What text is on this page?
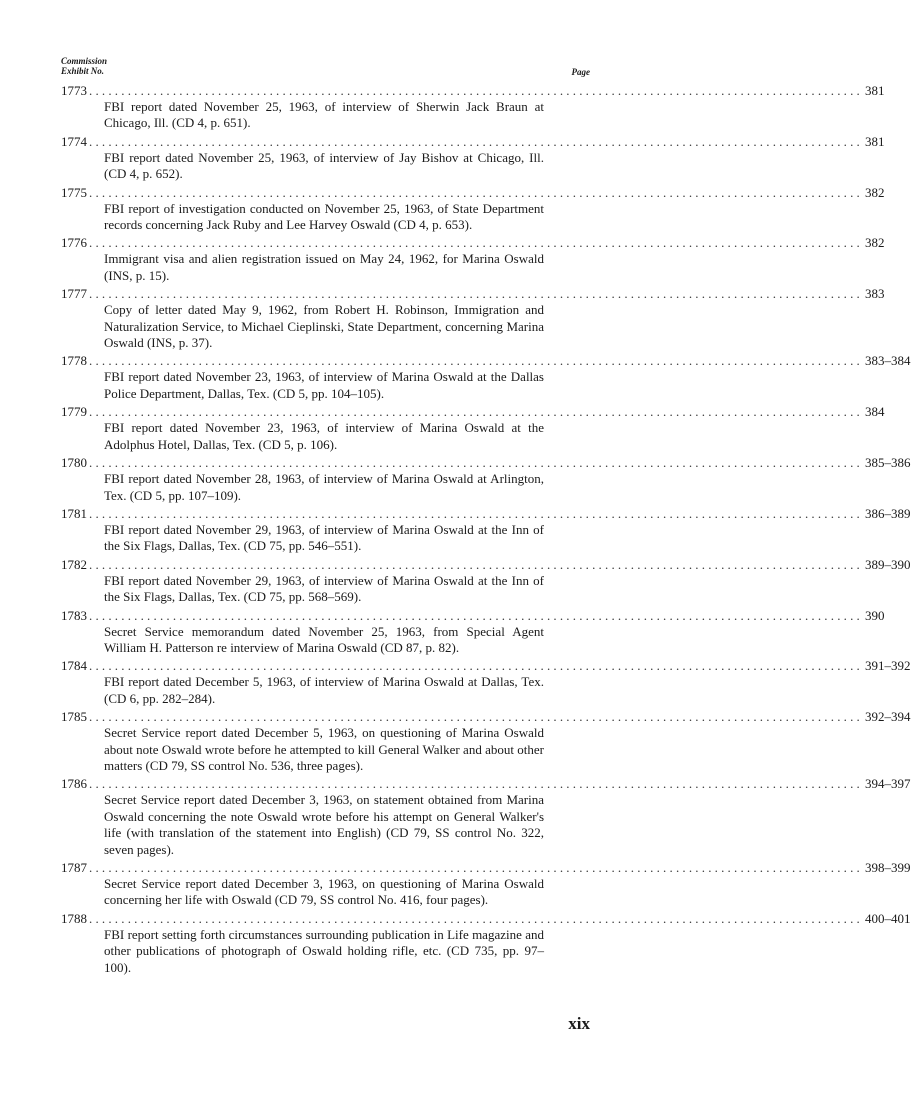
Commission
Exhibit No.	Page
1773 ........................................................................................................................ 381
FBI report dated November 25, 1963, of interview of Sherwin Jack Braun at Chicago, Ill. (CD 4, p. 651).
1774 ........................................................................................................................ 381
FBI report dated November 25, 1963, of interview of Jay Bishov at Chicago, Ill. (CD 4, p. 652).
1775 ........................................................................................................................ 382
FBI report of investigation conducted on November 25, 1963, of State Department records concerning Jack Ruby and Lee Harvey Oswald (CD 4, p. 653).
1776 ........................................................................................................................ 382
Immigrant visa and alien registration issued on May 24, 1962, for Marina Oswald (INS, p. 15).
1777 ........................................................................................................................ 383
Copy of letter dated May 9, 1962, from Robert H. Robinson, Immigration and Naturalization Service, to Michael Cieplinski, State Department, concerning Marina Oswald (INS, p. 37).
1778 ........................................................................................................................ 383–384
FBI report dated November 23, 1963, of interview of Marina Oswald at the Dallas Police Department, Dallas, Tex. (CD 5, pp. 104–105).
1779 ........................................................................................................................ 384
FBI report dated November 23, 1963, of interview of Marina Oswald at the Adolphus Hotel, Dallas, Tex. (CD 5, p. 106).
1780 ........................................................................................................................ 385–386
FBI report dated November 28, 1963, of interview of Marina Oswald at Arlington, Tex. (CD 5, pp. 107–109).
1781 ........................................................................................................................ 386–389
FBI report dated November 29, 1963, of interview of Marina Oswald at the Inn of the Six Flags, Dallas, Tex. (CD 75, pp. 546–551).
1782 ........................................................................................................................ 389–390
FBI report dated November 29, 1963, of interview of Marina Oswald at the Inn of the Six Flags, Dallas, Tex. (CD 75, pp. 568–569).
1783 ........................................................................................................................ 390
Secret Service memorandum dated November 25, 1963, from Special Agent William H. Patterson re interview of Marina Oswald (CD 87, p. 82).
1784 ........................................................................................................................ 391–392
FBI report dated December 5, 1963, of interview of Marina Oswald at Dallas, Tex. (CD 6, pp. 282–284).
1785 ........................................................................................................................ 392–394
Secret Service report dated December 5, 1963, on questioning of Marina Oswald about note Oswald wrote before he attempted to kill General Walker and about other matters (CD 79, SS control No. 536, three pages).
1786 ........................................................................................................................ 394–397
Secret Service report dated December 3, 1963, on statement obtained from Marina Oswald concerning the note Oswald wrote before his attempt on General Walker's life (with translation of the statement into English) (CD 79, SS control No. 322, seven pages).
1787 ........................................................................................................................ 398–399
Secret Service report dated December 3, 1963, on questioning of Marina Oswald concerning her life with Oswald (CD 79, SS control No. 416, four pages).
1788 ........................................................................................................................ 400–401
FBI report setting forth circumstances surrounding publication in Life magazine and other publications of photograph of Oswald holding rifle, etc. (CD 735, pp. 97–100).
xix
